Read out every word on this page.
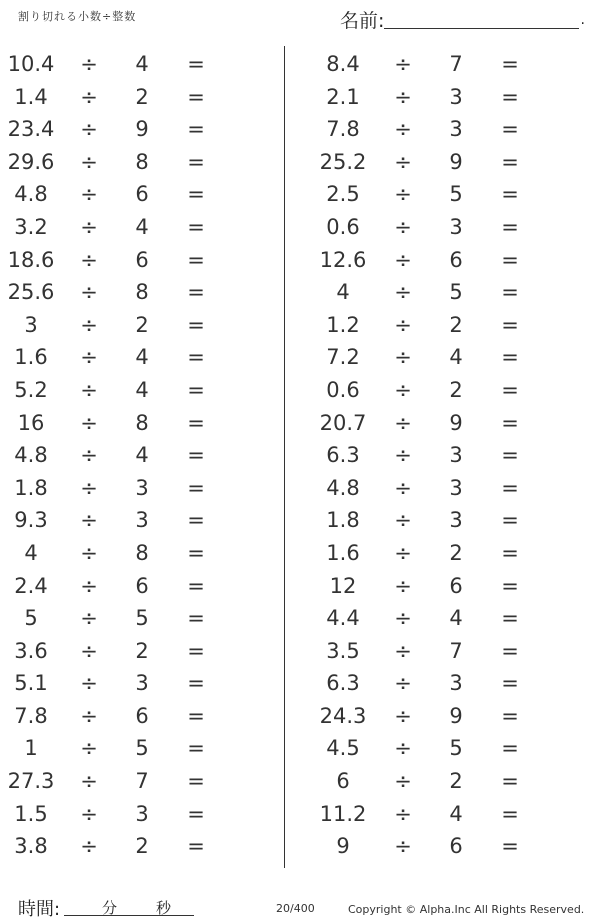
割り切れる小数÷整数	名前:	.
10.4	÷	4	=
1.4	÷	2	=
23.4	÷	9	=
29.6	÷	8	=
4.8	÷	6	=
3.2	÷	4	=
18.6	÷	6	=
25.6	÷	8	=
3	÷	2	=
1.6	÷	4	=
5.2	÷	4	=
16	÷	8	=
4.8	÷	4	=
1.8	÷	3	=
9.3	÷	3	=
4	÷	8	=
2.4	÷	6	=
5	÷	5	=
3.6	÷	2	=
5.1	÷	3	=
7.8	÷	6	=
1	÷	5	=
27.3	÷	7	=
1.5	÷	3	=
3.8	÷	2	=
8.4	÷	7	=
2.1	÷	3	=
7.8	÷	3	=
25.2	÷	9	=
2.5	÷	5	=
0.6	÷	3	=
12.6	÷	6	=
4	÷	5	=
1.2	÷	2	=
7.2	÷	4	=
0.6	÷	2	=
20.7	÷	9	=
6.3	÷	3	=
4.8	÷	3	=
1.8	÷	3	=
1.6	÷	2	=
12	÷	6	=
4.4	÷	4	=
3.5	÷	7	=
6.3	÷	3	=
24.3	÷	9	=
4.5	÷	5	=
6	÷	2	=
11.2	÷	4	=
9	÷	6	=
時間:	分	秒	20/400	Copyright © Alpha.Inc All Rights Reserved.
